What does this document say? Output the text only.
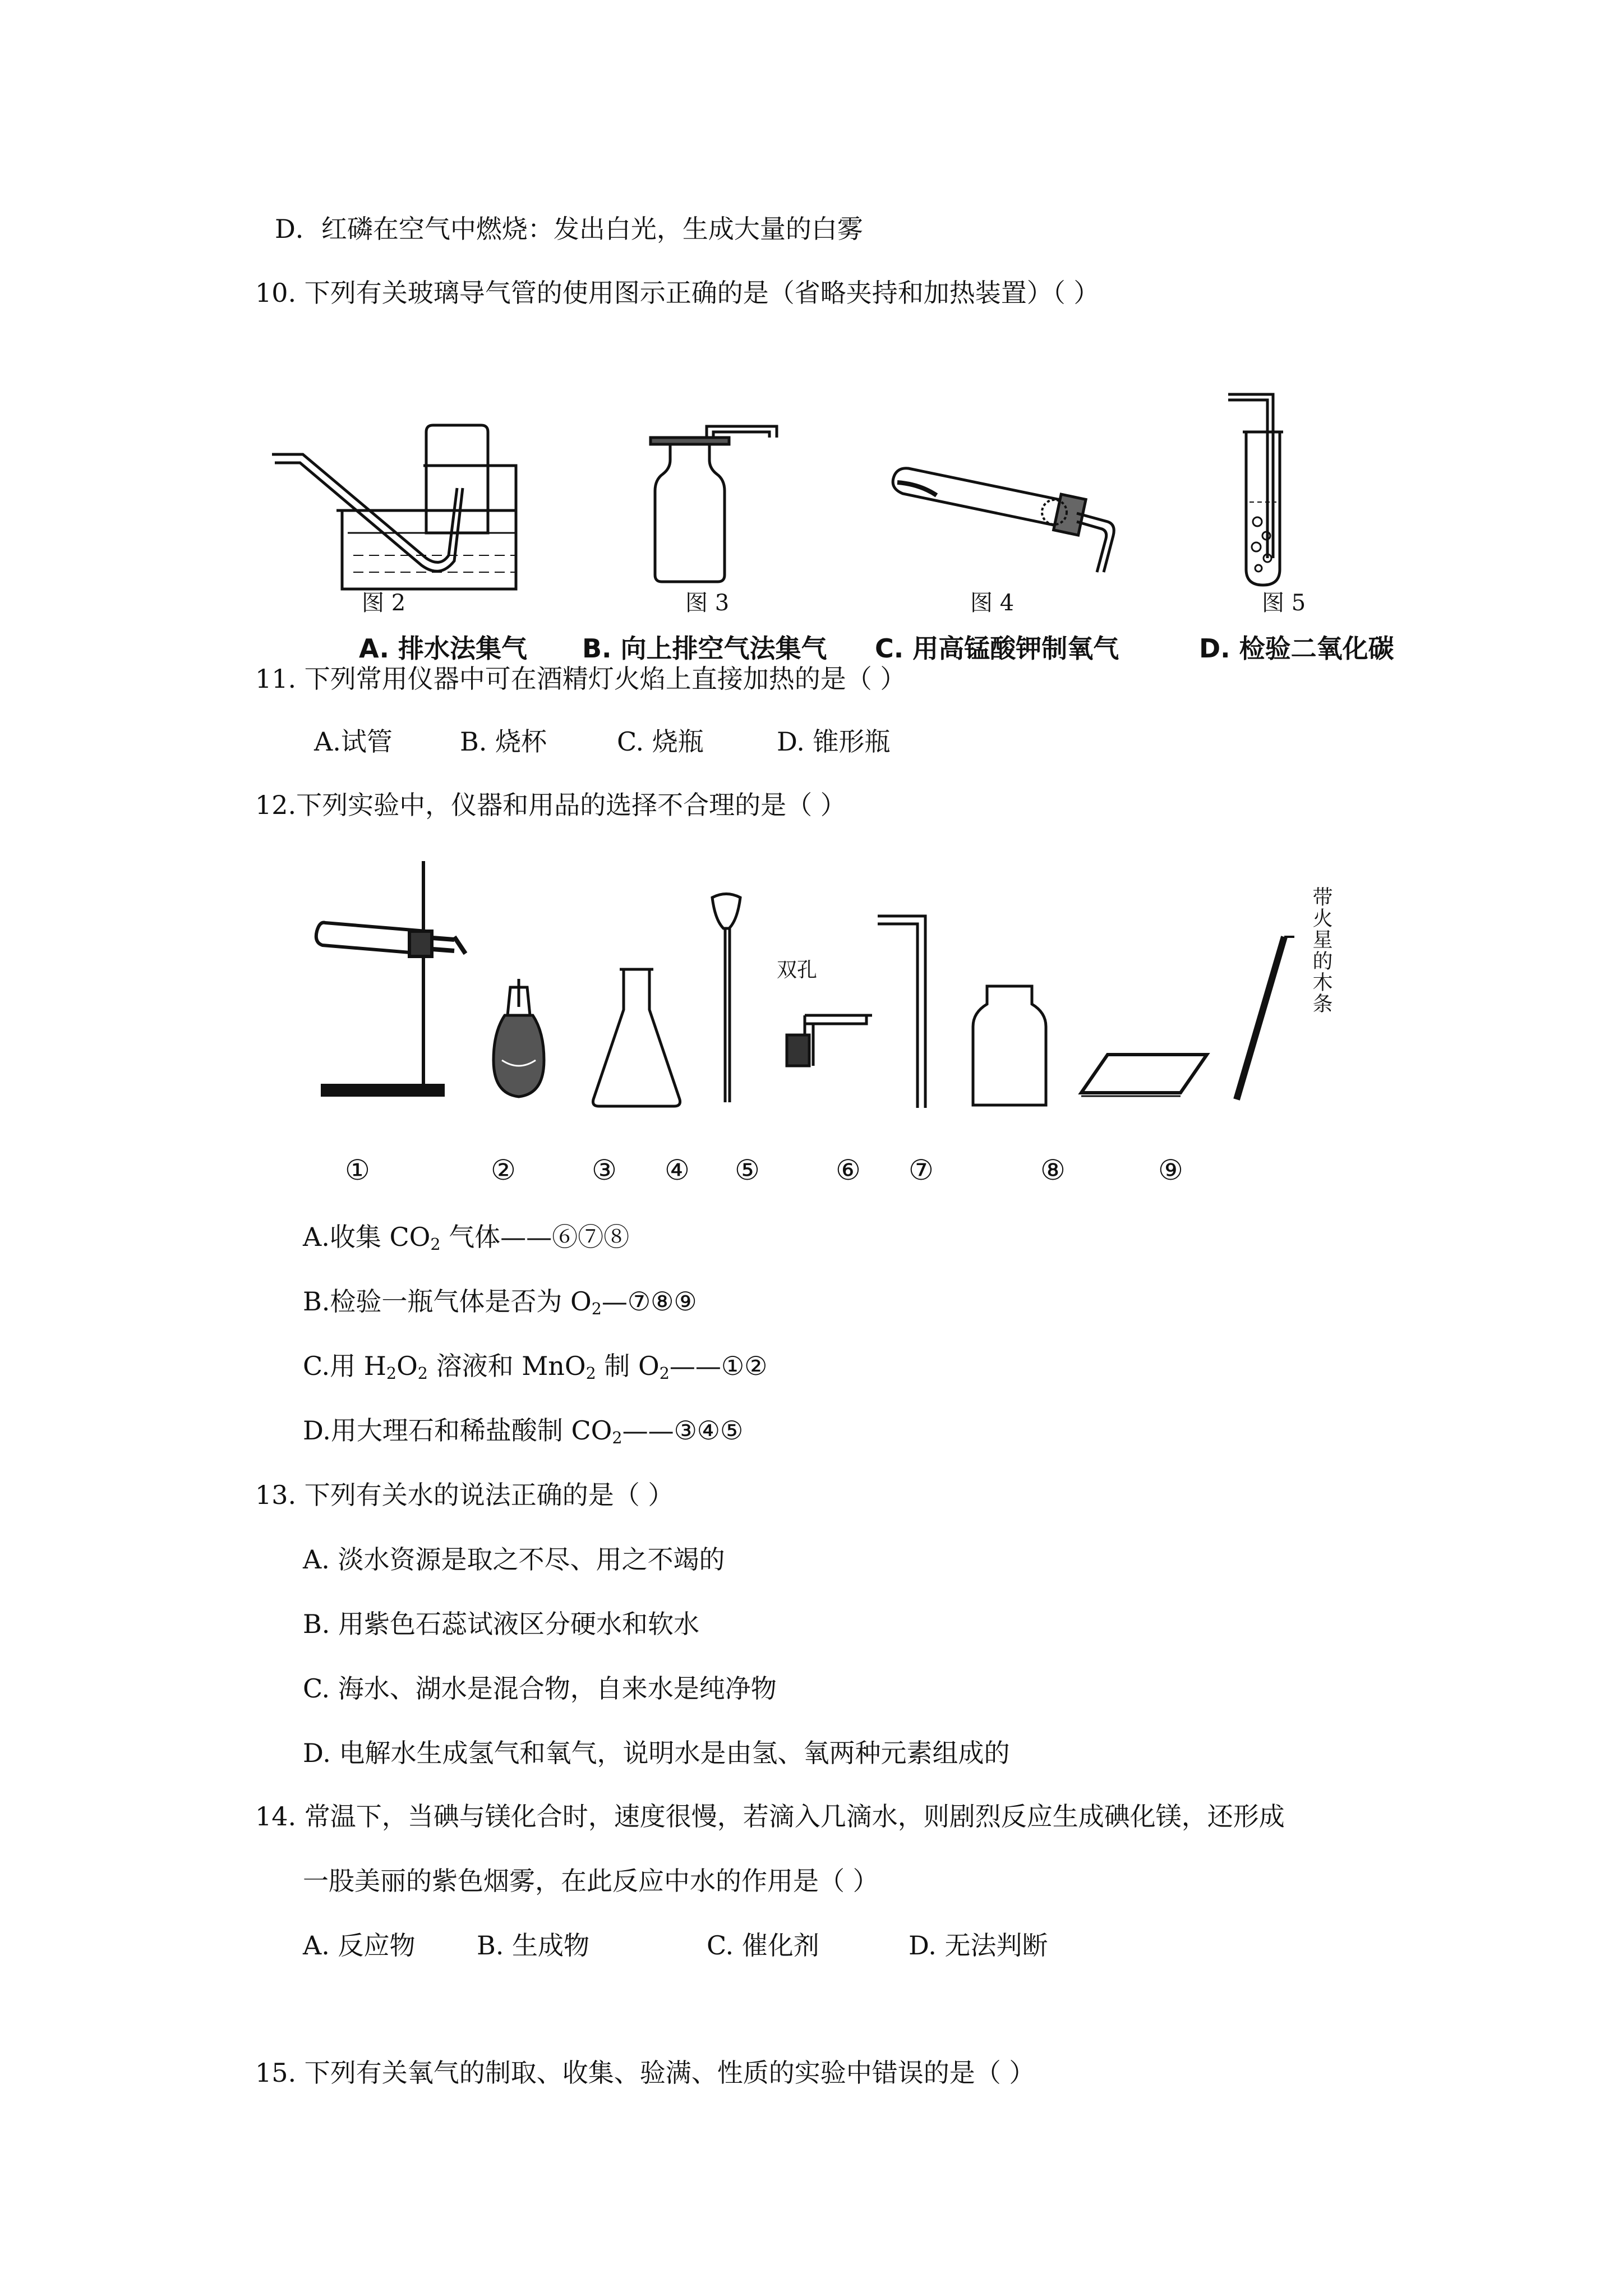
D．红磷在空气中燃烧：发出白光，生成大量的白雾
10. 下列有关玻璃导气管的使用图示正确的是（省略夹持和加热装置）（ ）
图 2
A. 排水法集气
图 3
B. 向上排空气法集气
图 4
C. 用高锰酸钾制氧气
图 5
D. 检验二氧化碳
11. 下列常用仪器中可在酒精灯火焰上直接加热的是（ ）
A.试管	B. 烧杯	C. 烧瓶	D. 锥形瓶
12.下列实验中，仪器和用品的选择不合理的是（ ）
双孔	带火星的木条
①	②	③ ④ ⑤	⑥ ⑦	⑧	⑨
A.收集 $CO_2$ 气体——⑥⑦⑧
B.检验一瓶气体是否为 $O_2—⑦⑧⑨$
C.用 $H_2O_2$ 溶液和 MnO$_2$ 制 $O_2——①②$
D.用大理石和稀盐酸制 $CO_2——③④⑤$
13. 下列有关水的说法正确的是（ ）
A. 淡水资源是取之不尽、用之不竭的
B. 用紫色石蕊试液区分硬水和软水
C. 海水、湖水是混合物，自来水是纯净物
D. 电解水生成氢气和氧气，说明水是由氢、氧两种元素组成的
14. 常温下，当碘与镁化合时，速度很慢，若滴入几滴水，则剧烈反应生成碘化镁，还形成
一股美丽的紫色烟雾，在此反应中水的作用是（ ）
A. 反应物 B. 生成物	C. 催化剂	D. 无法判断
15. 下列有关氧气的制取、收集、验满、性质的实验中错误的是（ ）
